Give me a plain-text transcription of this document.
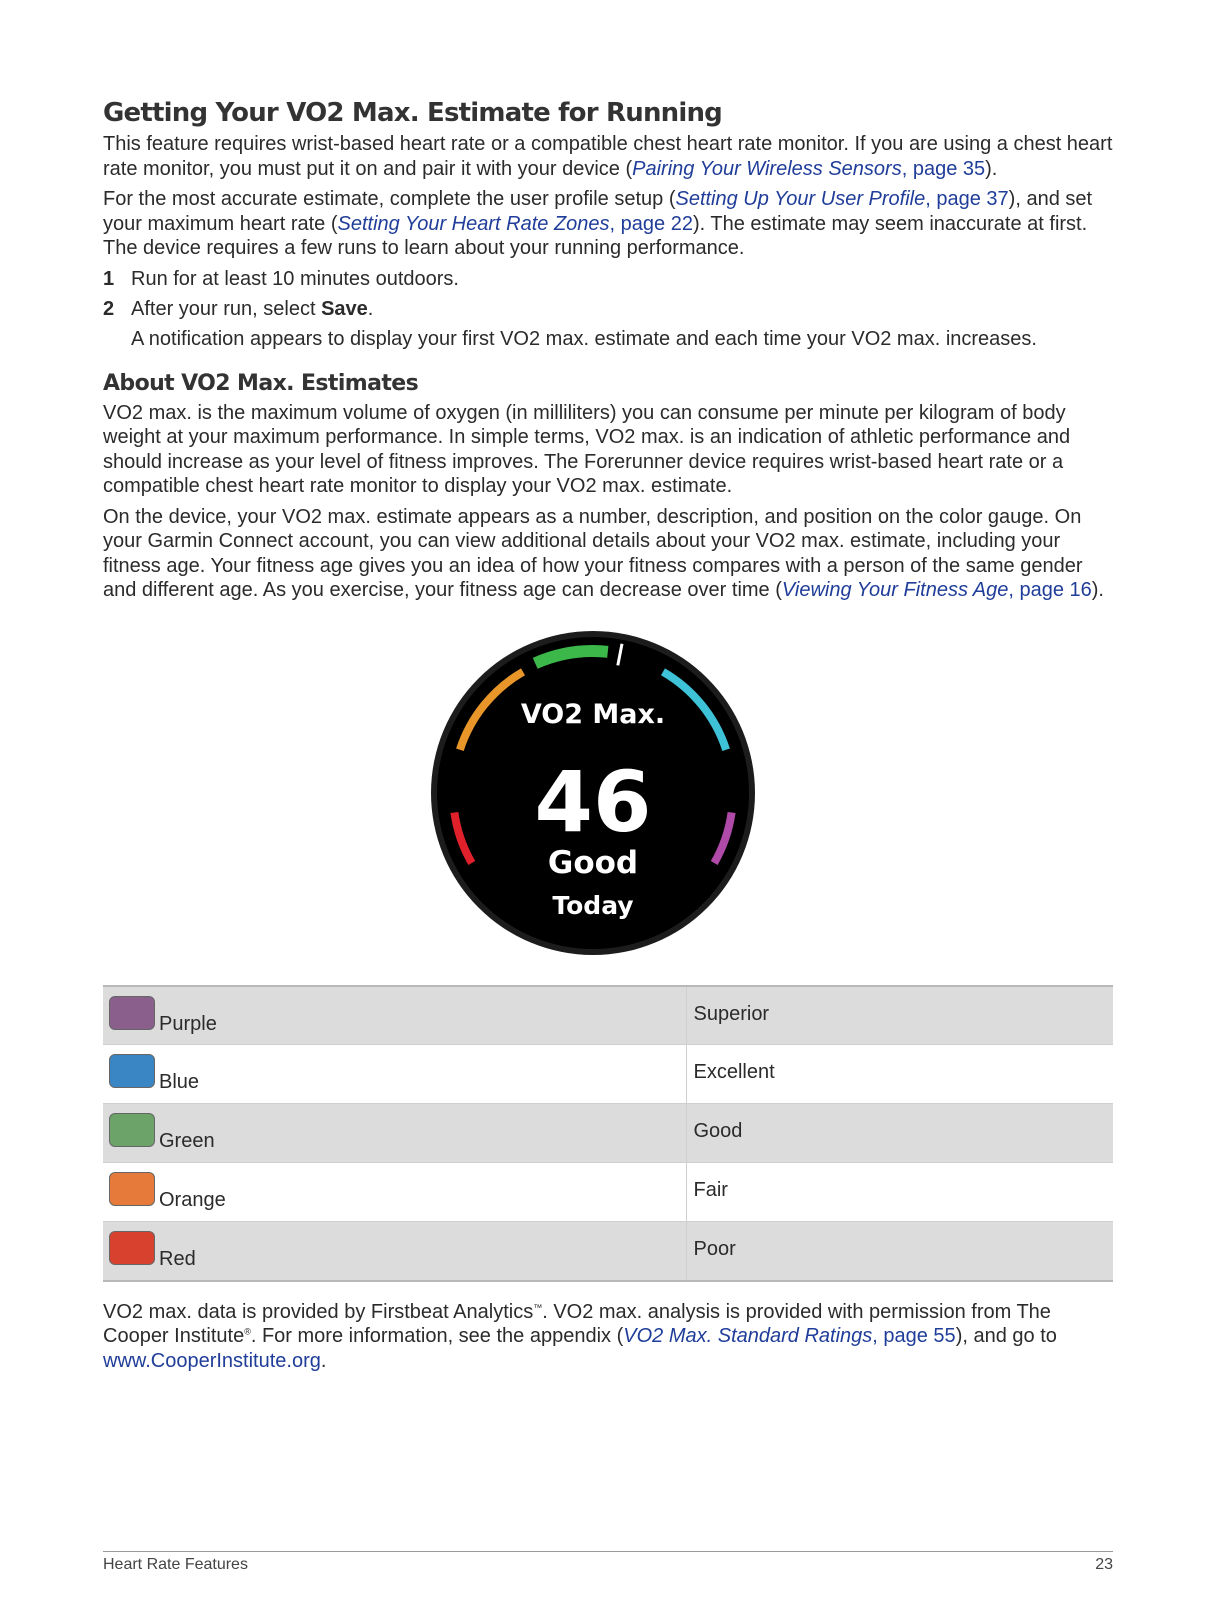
Getting Your VO2 Max. Estimate for Running

This feature requires wrist-based heart rate or a compatible chest heart rate monitor. If you are using a chest heart rate monitor, you must put it on and pair it with your device (Pairing Your Wireless Sensors, page 35).

For the most accurate estimate, complete the user profile setup (Setting Up Your User Profile, page 37), and set your maximum heart rate (Setting Your Heart Rate Zones, page 22). The estimate may seem inaccurate at first. The device requires a few runs to learn about your running performance.

1 Run for at least 10 minutes outdoors.
2 After your run, select Save.
A notification appears to display your first VO2 max. estimate and each time your VO2 max. increases.
About VO2 Max. Estimates

VO2 max. is the maximum volume of oxygen (in milliliters) you can consume per minute per kilogram of body weight at your maximum performance. In simple terms, VO2 max. is an indication of athletic performance and should increase as your level of fitness improves. The Forerunner device requires wrist-based heart rate or a compatible chest heart rate monitor to display your VO2 max. estimate.

On the device, your VO2 max. estimate appears as a number, description, and position on the color gauge. On your Garmin Connect account, you can view additional details about your VO2 max. estimate, including your fitness age. Your fitness age gives you an idea of how your fitness compares with a person of the same gender and different age. As you exercise, your fitness age can decrease over time (Viewing Your Fitness Age, page 16).

VO2 Max.
46
Good
Today
Purple	Superior

Blue	Excellent

Green	Good

Orange	Fair

Red	Poor

VO2 max. data is provided by Firstbeat Analytics™. VO2 max. analysis is provided with permission from The Cooper Institute®. For more information, see the appendix (VO2 Max. Standard Ratings, page 55), and go to
www.CooperInstitute.org.

Heart Rate Features	23
